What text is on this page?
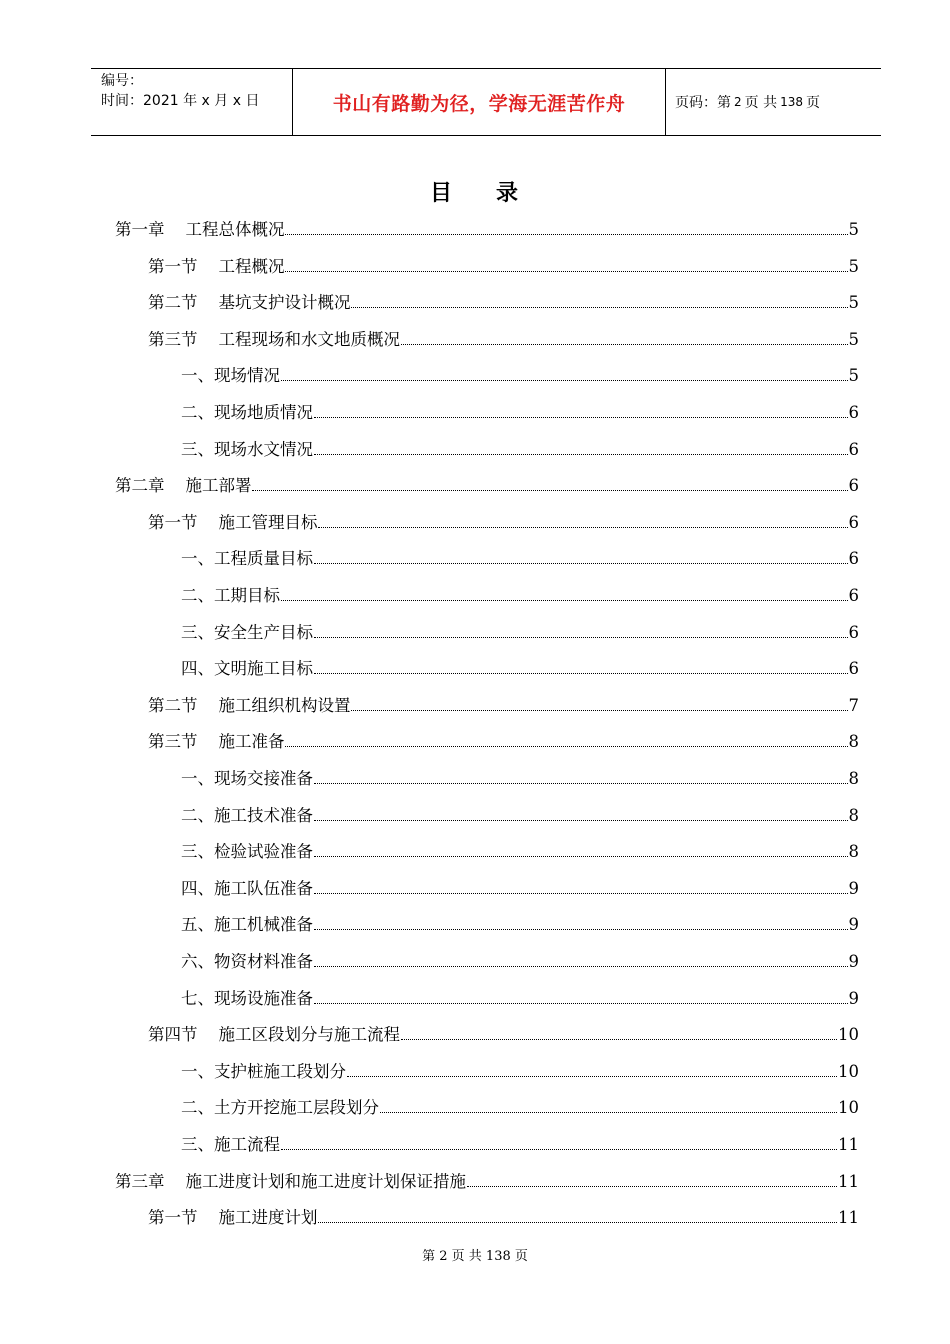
编号：
时间：2021 年 x 月 x 日	书山有路勤为径，学海无涯苦作舟	页码：第 2 页 共 138 页
目 录
第一章    工程总体概况	5
第一节    工程概况	5
第二节    基坑支护设计概况	5
第三节    工程现场和水文地质概况	5
一、现场情况	5
二、现场地质情况	6
三、现场水文情况	6
第二章    施工部署	6
第一节    施工管理目标	6
一、工程质量目标	6
二、工期目标	6
三、安全生产目标	6
四、文明施工目标	6
第二节    施工组织机构设置	7
第三节    施工准备	8
一、现场交接准备	8
二、施工技术准备	8
三、检验试验准备	8
四、施工队伍准备	9
五、施工机械准备	9
六、物资材料准备	9
七、现场设施准备	9
第四节    施工区段划分与施工流程	10
一、支护桩施工段划分	10
二、土方开挖施工层段划分	10
三、施工流程	11
第三章    施工进度计划和施工进度计划保证措施	11
第一节    施工进度计划	11
第 2 页 共 138 页
